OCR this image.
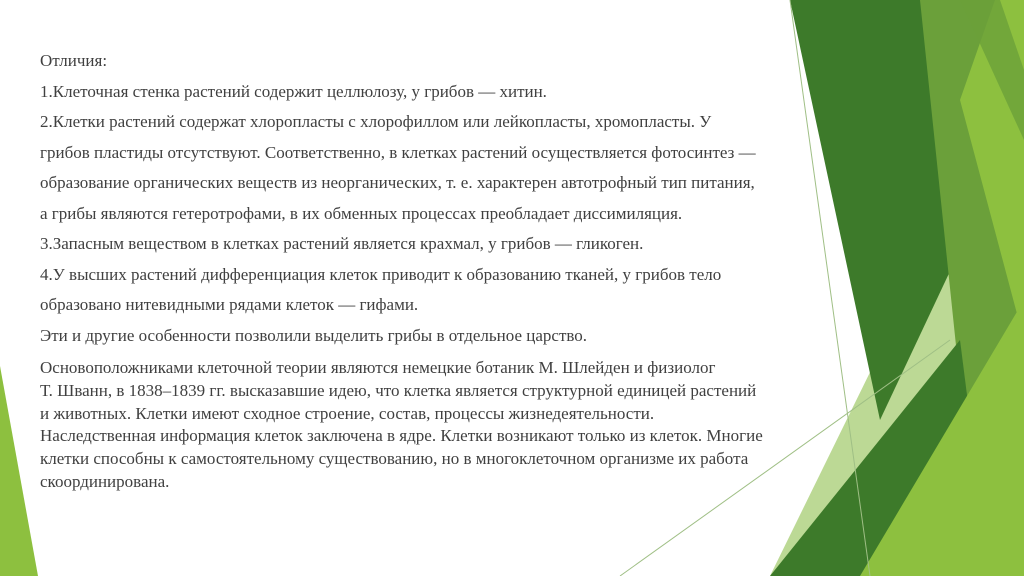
Отличия:
1.Клеточная стенка растений содержит целлюлозу, у грибов — хитин.
2.Клетки растений содержат хлоропласты с хлорофиллом или лейкопласты, хромопласты. У
грибов пластиды отсутствуют. Соответственно, в клетках растений осуществляется фотосинтез —
образование органических веществ из неорганических, т. е. характерен автотрофный тип питания,
а грибы являются гетеротрофами, в их обменных процессах преобладает диссимиляция.
3.Запасным веществом в клетках растений является крахмал, у грибов — гликоген.
4.У высших растений дифференциация клеток приводит к образованию тканей, у грибов тело
образовано нитевидными рядами клеток — гифами.
Эти и другие особенности позволили выделить грибы в отдельное царство.
Основоположниками клеточной теории являются немецкие ботаник М. Шлейден и физиолог
Т. Шванн, в 1838–1839 гг. высказавшие идею, что клетка является структурной единицей растений
и животных. Клетки имеют сходное строение, состав, процессы жизнедеятельности.
Наследственная информация клеток заключена в ядре. Клетки возникают только из клеток. Многие
клетки способны к самостоятельному существованию, но в многоклеточном организме их работа
скоординирована.
